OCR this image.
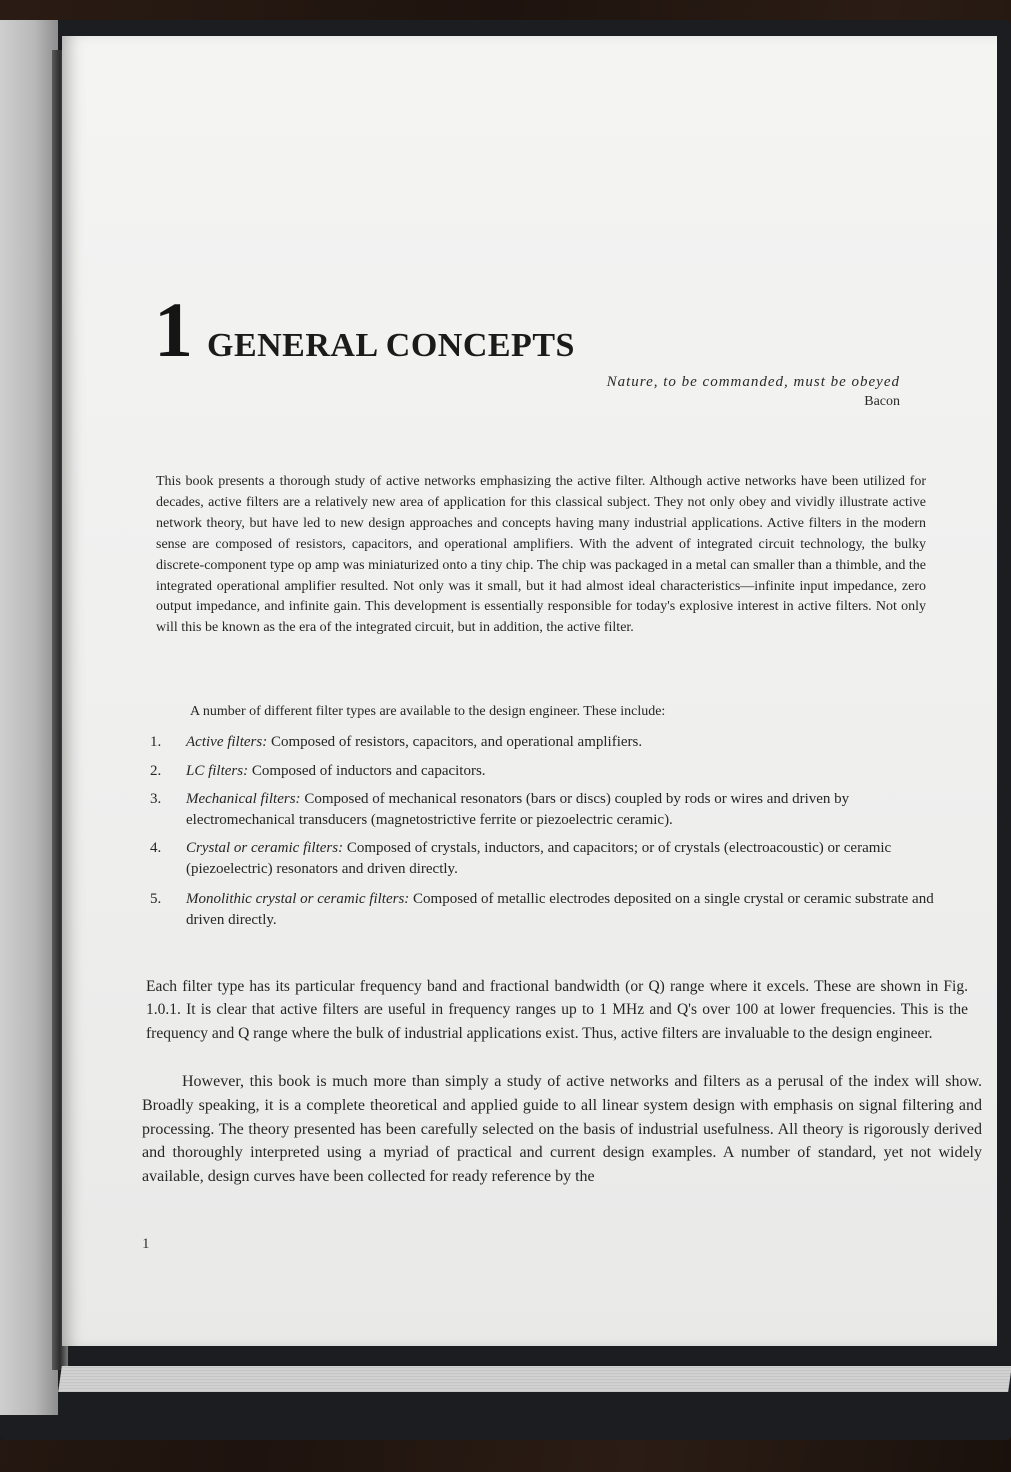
1 GENERAL CONCEPTS
Nature, to be commanded, must be obeyed
Bacon

This book presents a thorough study of active networks emphasizing the active filter. Although active networks have been utilized for decades, active filters are a relatively new area of application for this classical subject. They not only obey and vividly illustrate active network theory, but have led to new design approaches and concepts having many industrial applications. Active filters in the modern sense are composed of resistors, capacitors, and operational amplifiers. With the advent of integrated circuit technology, the bulky discrete-component type op amp was miniaturized onto a tiny chip. The chip was packaged in a metal can smaller than a thimble, and the integrated operational amplifier resulted. Not only was it small, but it had almost ideal characteristics—infinite input impedance, zero output impedance, and infinite gain. This development is essentially responsible for today's explosive interest in active filters. Not only will this be known as the era of the integrated circuit, but in addition, the active filter.

A number of different filter types are available to the design engineer. These include:

1. Active filters: Composed of resistors, capacitors, and operational amplifiers.
2. LC filters: Composed of inductors and capacitors.
3. Mechanical filters: Composed of mechanical resonators (bars or discs) coupled by rods or wires and driven by electromechanical transducers (magnetostrictive ferrite or piezoelectric ceramic).
4. Crystal or ceramic filters: Composed of crystals, inductors, and capacitors; or of crystals (electroacoustic) or ceramic (piezoelectric) resonators and driven directly.
5. Monolithic crystal or ceramic filters: Composed of metallic electrodes deposited on a single crystal or ceramic substrate and driven directly.

Each filter type has its particular frequency band and fractional bandwidth (or Q) range where it excels. These are shown in Fig. 1.0.1. It is clear that active filters are useful in frequency ranges up to 1 MHz and Q's over 100 at lower frequencies. This is the frequency and Q range where the bulk of industrial applications exist. Thus, active filters are invaluable to the design engineer.

However, this book is much more than simply a study of active networks and filters as a perusal of the index will show. Broadly speaking, it is a complete theoretical and applied guide to all linear system design with emphasis on signal filtering and processing. The theory presented has been carefully selected on the basis of industrial usefulness. All theory is rigorously derived and thoroughly interpreted using a myriad of practical and current design examples. A number of standard, yet not widely available, design curves have been collected for ready reference by the

1
